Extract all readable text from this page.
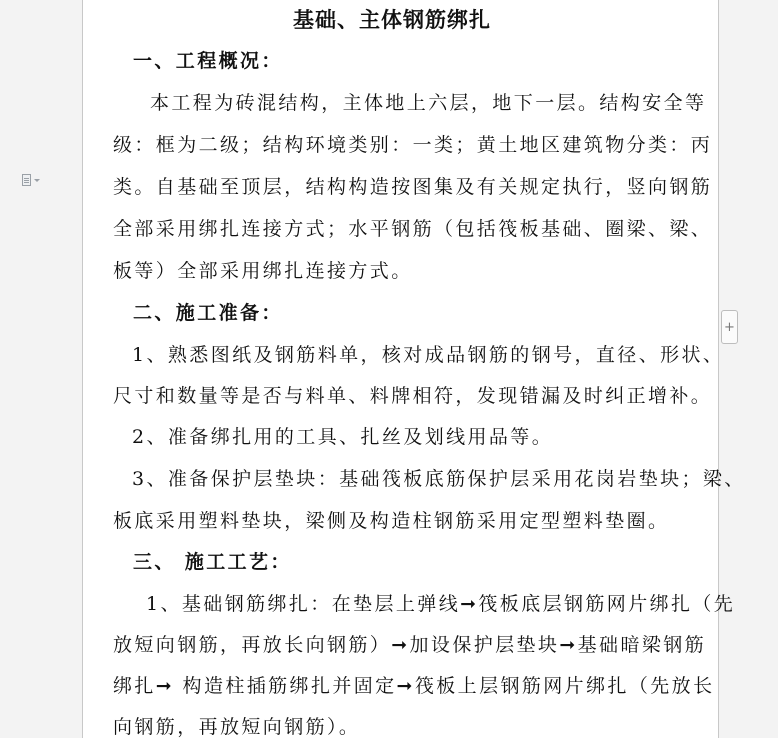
基础、主体钢筋绑扎
一、工程概况：
本工程为砖混结构，主体地上六层，地下一层。结构安全等
级：框为二级；结构环境类别：一类；黄土地区建筑物分类：丙
类。自基础至顶层，结构构造按图集及有关规定执行，竖向钢筋
全部采用绑扎连接方式；水平钢筋（包括筏板基础、圈梁、梁、
板等）全部采用绑扎连接方式。
二、施工准备：
1、熟悉图纸及钢筋料单，核对成品钢筋的钢号，直径、形状、
尺寸和数量等是否与料单、料牌相符，发现错漏及时纠正增补。
2、准备绑扎用的工具、扎丝及划线用品等。
3、准备保护层垫块：基础筏板底筋保护层采用花岗岩垫块；梁、
板底采用塑料垫块，梁侧及构造柱钢筋采用定型塑料垫圈。
三、 施工工艺：
1、基础钢筋绑扎：在垫层上弹线➞筏板底层钢筋网片绑扎（先
放短向钢筋，再放长向钢筋）➞加设保护层垫块➞基础暗梁钢筋
绑扎➞ 构造柱插筋绑扎并固定➞筏板上层钢筋网片绑扎（先放长
向钢筋，再放短向钢筋）。
+
